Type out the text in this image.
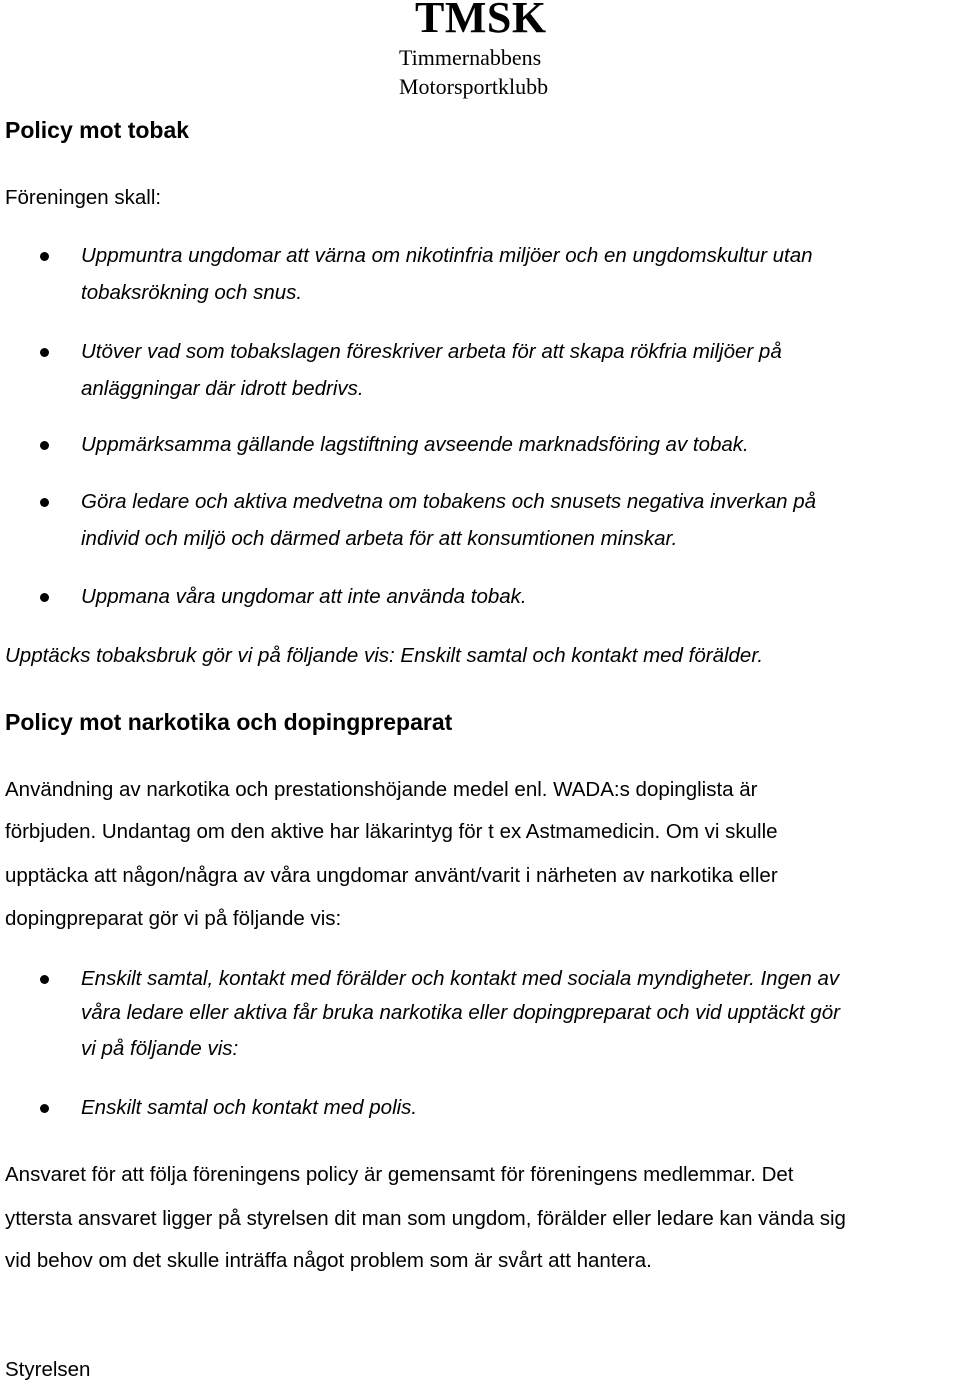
TMSK
Timmernabbens
Motorsportklubb
Policy mot tobak
Föreningen skall:
Uppmuntra ungdomar att värna om nikotinfria miljöer och en ungdomskultur utan
tobaksrökning och snus.
Utöver vad som tobakslagen föreskriver arbeta för att skapa rökfria miljöer på
anläggningar där idrott bedrivs.
Uppmärksamma gällande lagstiftning avseende marknadsföring av tobak.
Göra ledare och aktiva medvetna om tobakens och snusets negativa inverkan på
individ och miljö och därmed arbeta för att konsumtionen minskar.
Uppmana våra ungdomar att inte använda tobak.
Upptäcks tobaksbruk gör vi på följande vis: Enskilt samtal och kontakt med förälder.
Policy mot narkotika och dopingpreparat
Användning av narkotika och prestationshöjande medel enl. WADA:s dopinglista är
förbjuden. Undantag om den aktive har läkarintyg för t ex Astmamedicin. Om vi skulle
upptäcka att någon/några av våra ungdomar använt/varit i närheten av narkotika eller
dopingpreparat gör vi på följande vis:
Enskilt samtal, kontakt med förälder och kontakt med sociala myndigheter. Ingen av
våra ledare eller aktiva får bruka narkotika eller dopingpreparat och vid upptäckt gör
vi på följande vis:
Enskilt samtal och kontakt med polis.
Ansvaret för att följa föreningens policy är gemensamt för föreningens medlemmar. Det
yttersta ansvaret ligger på styrelsen dit man som ungdom, förälder eller ledare kan vända sig
vid behov om det skulle inträffa något problem som är svårt att hantera.
Styrelsen
